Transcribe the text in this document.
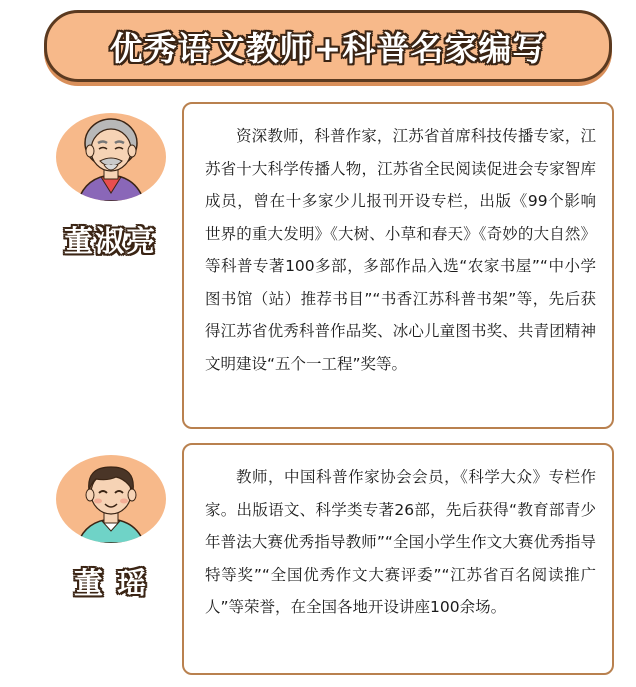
优秀语文教师+科普名家编写
董淑亮

资深教师，科普作家，江苏省首席科技传播专家，江苏省十大科学传播人物，江苏省全民阅读促进会专家智库成员，曾在十多家少儿报刊开设专栏，出版《99个影响世界的重大发明》《大树、小草和春天》《奇妙的大自然》等科普专著100多部，多部作品入选“农家书屋”“中小学图书馆（站）推荐书目”“书香江苏科普书架”等，先后获得江苏省优秀科普作品奖、冰心儿童图书奖、共青团精神文明建设“五个一工程”奖等。

董 瑶

教师，中国科普作家协会会员，《科学大众》专栏作家。出版语文、科学类专著26部，先后获得“教育部青少年普法大赛优秀指导教师”“全国小学生作文大赛优秀指导特等奖”“全国优秀作文大赛评委”“江苏省百名阅读推广人”等荣誉，在全国各地开设讲座100余场。
